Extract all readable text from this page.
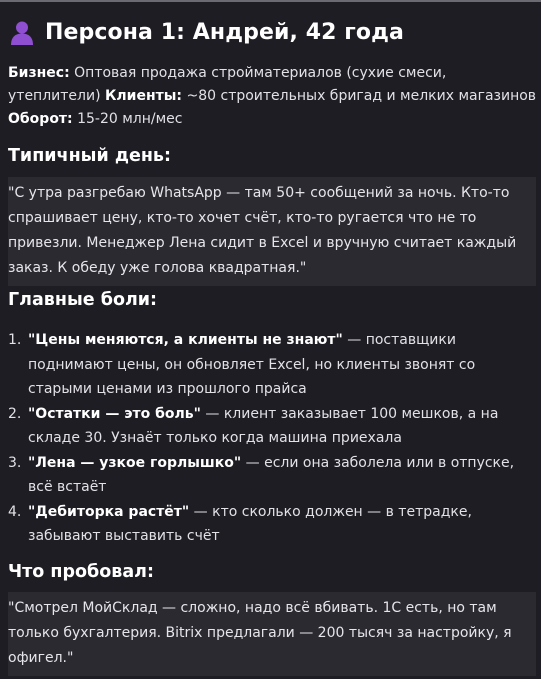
Персона 1: Андрей, 42 года
Бизнес: Оптовая продажа стройматериалов (сухие смеси, утеплители) Клиенты: ~80 строительных бригад и мелких магазинов
Оборот: 15-20 млн/мес
Типичный день:
"С утра разгребаю WhatsApp — там 50+ сообщений за ночь. Кто-то спрашивает цену, кто-то хочет счёт, кто-то ругается что не то привезли. Менеджер Лена сидит в Excel и вручную считает каждый заказ. К обеду уже голова квадратная."
Главные боли:
1. "Цены меняются, а клиенты не знают" — поставщики поднимают цены, он обновляет Excel, но клиенты звонят со старыми ценами из прошлого прайса
2. "Остатки — это боль" — клиент заказывает 100 мешков, а на складе 30. Узнаёт только когда машина приехала
3. "Лена — узкое горлышко" — если она заболела или в отпуске, всё встаёт
4. "Дебиторка растёт" — кто сколько должен — в тетрадке, забывают выставить счёт
Что пробовал:
"Смотрел МойСклад — сложно, надо всё вбивать. 1С есть, но там только бухгалтерия. Bitrix предлагали — 200 тысяч за настройку, я офигел."
